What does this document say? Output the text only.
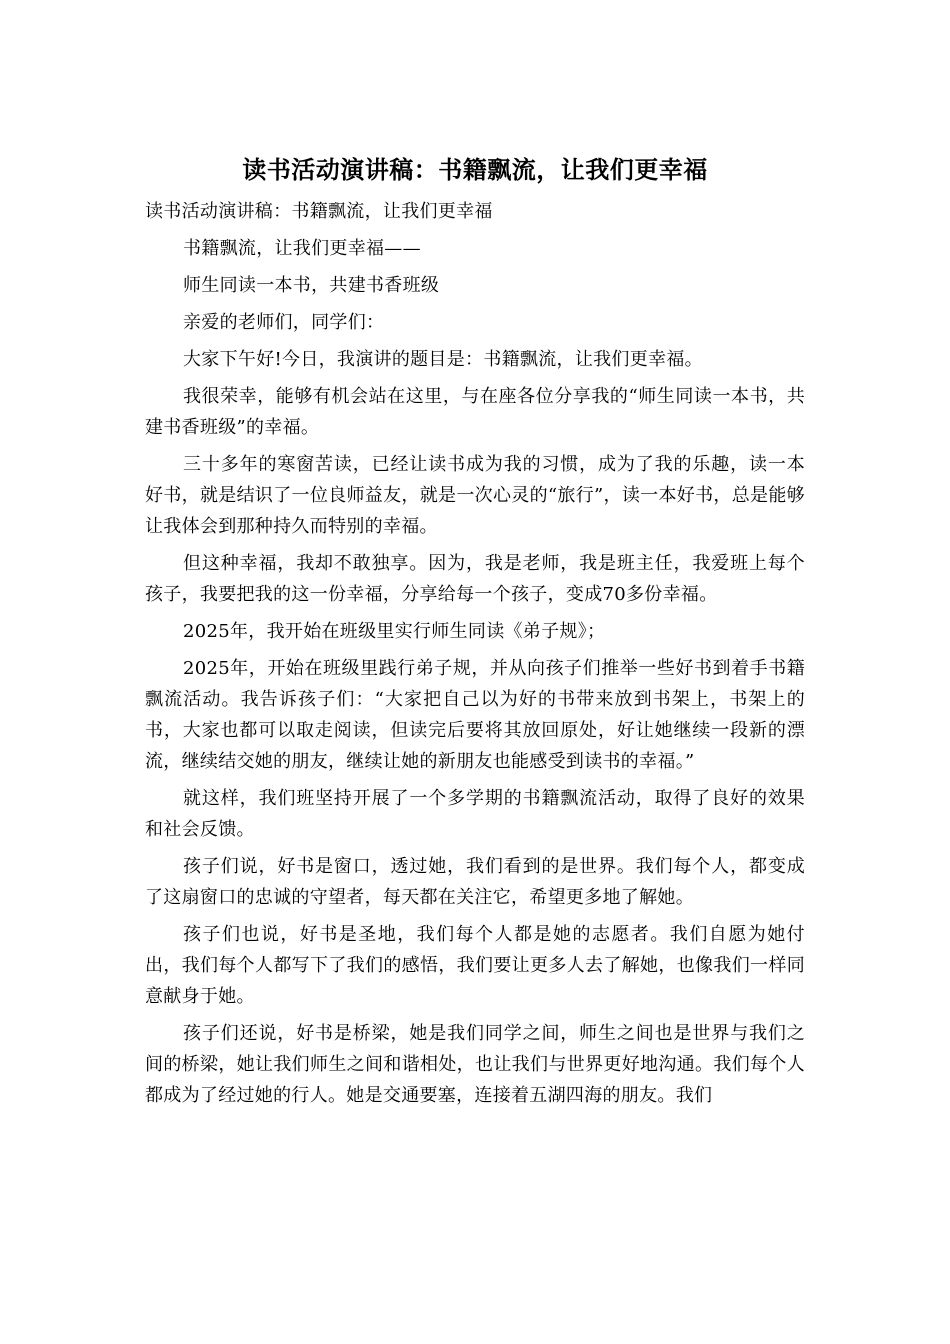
读书活动演讲稿：书籍飘流，让我们更幸福

读书活动演讲稿：书籍飘流，让我们更幸福

书籍飘流，让我们更幸福——

师生同读一本书，共建书香班级

亲爱的老师们，同学们：

大家下午好!今日，我演讲的题目是：书籍飘流，让我们更幸福。

我很荣幸，能够有机会站在这里，与在座各位分享我的“师生同读一本书，共建书香班级”的幸福。

三十多年的寒窗苦读，已经让读书成为我的习惯，成为了我的乐趣，读一本好书，就是结识了一位良师益友，就是一次心灵的“旅行”，读一本好书，总是能够让我体会到那种持久而特别的幸福。

但这种幸福，我却不敢独享。因为，我是老师，我是班主任，我爱班上每个孩子，我要把我的这一份幸福，分享给每一个孩子，变成70多份幸福。

2025年，我开始在班级里实行师生同读《弟子规》；

2025年，开始在班级里践行弟子规，并从向孩子们推举一些好书到着手书籍飘流活动。我告诉孩子们：“大家把自己以为好的书带来放到书架上，书架上的书，大家也都可以取走阅读，但读完后要将其放回原处，好让她继续一段新的漂流，继续结交她的朋友，继续让她的新朋友也能感受到读书的幸福。”

就这样，我们班坚持开展了一个多学期的书籍飘流活动，取得了良好的效果和社会反馈。

孩子们说，好书是窗口，透过她，我们看到的是世界。我们每个人，都变成了这扇窗口的忠诚的守望者，每天都在关注它，希望更多地了解她。

孩子们也说，好书是圣地，我们每个人都是她的志愿者。我们自愿为她付出，我们每个人都写下了我们的感悟，我们要让更多人去了解她，也像我们一样同意献身于她。

孩子们还说，好书是桥梁，她是我们同学之间，师生之间也是世界与我们之间的桥梁，她让我们师生之间和谐相处，也让我们与世界更好地沟通。我们每个人都成为了经过她的行人。她是交通要塞，连接着五湖四海的朋友。我们
